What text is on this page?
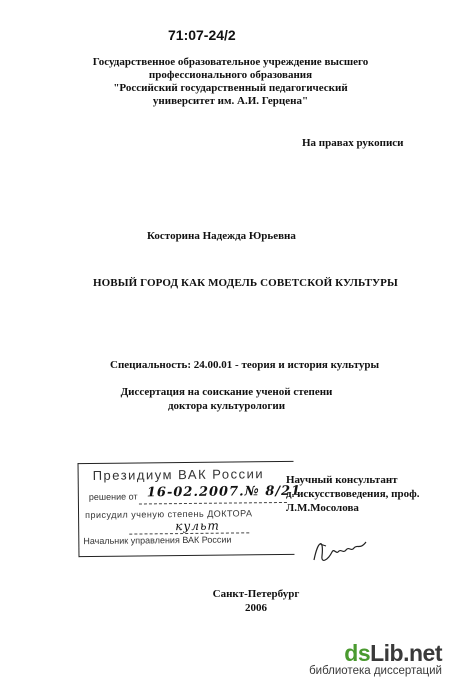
71:07-24/2
Государственное образовательное учреждение высшего
профессионального образования
"Российский государственный педагогический
университет им. А.И. Герцена"
На правах рукописи
Косторина Надежда Юрьевна
НОВЫЙ ГОРОД КАК МОДЕЛЬ СОВЕТСКОЙ КУЛЬТУРЫ
Специальность: 24.00.01 - теория и история культуры
Диссертация на соискание ученой степени
доктора культурологии
Президиум ВАК России
решение от 16-02.2007.№ 8/21
присудил ученую степень ДОКТОРА
культ
Начальник управления ВАК России
Научный консультант
д. искусствоведения, проф.
Л.М.Мосолова
Санкт-Петербург
2006
dsLib.net
библиотека диссертаций
